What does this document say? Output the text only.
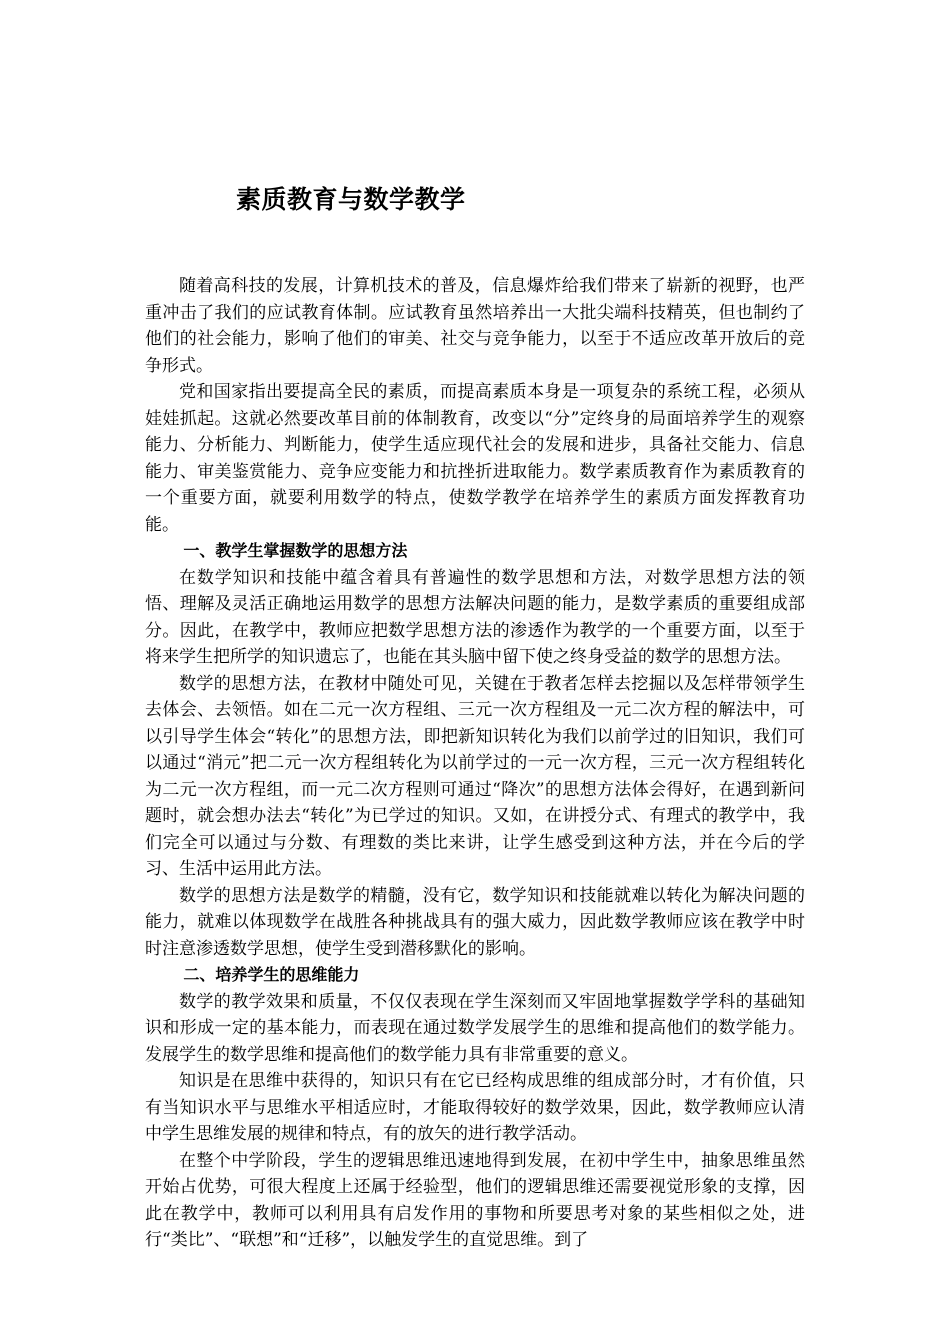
素质教育与数学教学

随着高科技的发展，计算机技术的普及，信息爆炸给我们带来了崭新的视野，也严重冲击了我们的应试教育体制。应试教育虽然培养出一大批尖端科技精英，但也制约了他们的社会能力，影响了他们的审美、社交与竞争能力，以至于不适应改革开放后的竞争形式。

党和国家指出要提高全民的素质，而提高素质本身是一项复杂的系统工程，必须从娃娃抓起。这就必然要改革目前的体制教育，改变以“分”定终身的局面培养学生的观察能力、分析能力、判断能力，使学生适应现代社会的发展和进步，具备社交能力、信息能力、审美鉴赏能力、竞争应变能力和抗挫折进取能力。数学素质教育作为素质教育的一个重要方面，就要利用数学的特点，使数学教学在培养学生的素质方面发挥教育功能。

一、教学生掌握数学的思想方法

在数学知识和技能中蕴含着具有普遍性的数学思想和方法，对数学思想方法的领悟、理解及灵活正确地运用数学的思想方法解决问题的能力，是数学素质的重要组成部分。因此，在教学中，教师应把数学思想方法的渗透作为教学的一个重要方面，以至于将来学生把所学的知识遗忘了，也能在其头脑中留下使之终身受益的数学的思想方法。

数学的思想方法，在教材中随处可见，关键在于教者怎样去挖掘以及怎样带领学生去体会、去领悟。如在二元一次方程组、三元一次方程组及一元二次方程的解法中，可以引导学生体会“转化”的思想方法，即把新知识转化为我们以前学过的旧知识，我们可以通过“消元”把二元一次方程组转化为以前学过的一元一次方程，三元一次方程组转化为二元一次方程组，而一元二次方程则可通过“降次”的思想方法体会得好，在遇到新问题时，就会想办法去“转化”为已学过的知识。又如，在讲授分式、有理式的教学中，我们完全可以通过与分数、有理数的类比来讲，让学生感受到这种方法，并在今后的学习、生活中运用此方法。

数学的思想方法是数学的精髓，没有它，数学知识和技能就难以转化为解决问题的能力，就难以体现数学在战胜各种挑战具有的强大威力，因此数学教师应该在教学中时时注意渗透数学思想，使学生受到潜移默化的影响。

二、培养学生的思维能力

数学的教学效果和质量，不仅仅表现在学生深刻而又牢固地掌握数学学科的基础知识和形成一定的基本能力，而表现在通过数学发展学生的思维和提高他们的数学能力。发展学生的数学思维和提高他们的数学能力具有非常重要的意义。

知识是在思维中获得的，知识只有在它已经构成思维的组成部分时，才有价值，只有当知识水平与思维水平相适应时，才能取得较好的数学效果，因此，数学教师应认清中学生思维发展的规律和特点，有的放矢的进行教学活动。

在整个中学阶段，学生的逻辑思维迅速地得到发展，在初中学生中，抽象思维虽然开始占优势，可很大程度上还属于经验型，他们的逻辑思维还需要视觉形象的支撑，因此在教学中，教师可以利用具有启发作用的事物和所要思考对象的某些相似之处，进行“类比”、“联想”和“迁移”，以触发学生的直觉思维。到了
